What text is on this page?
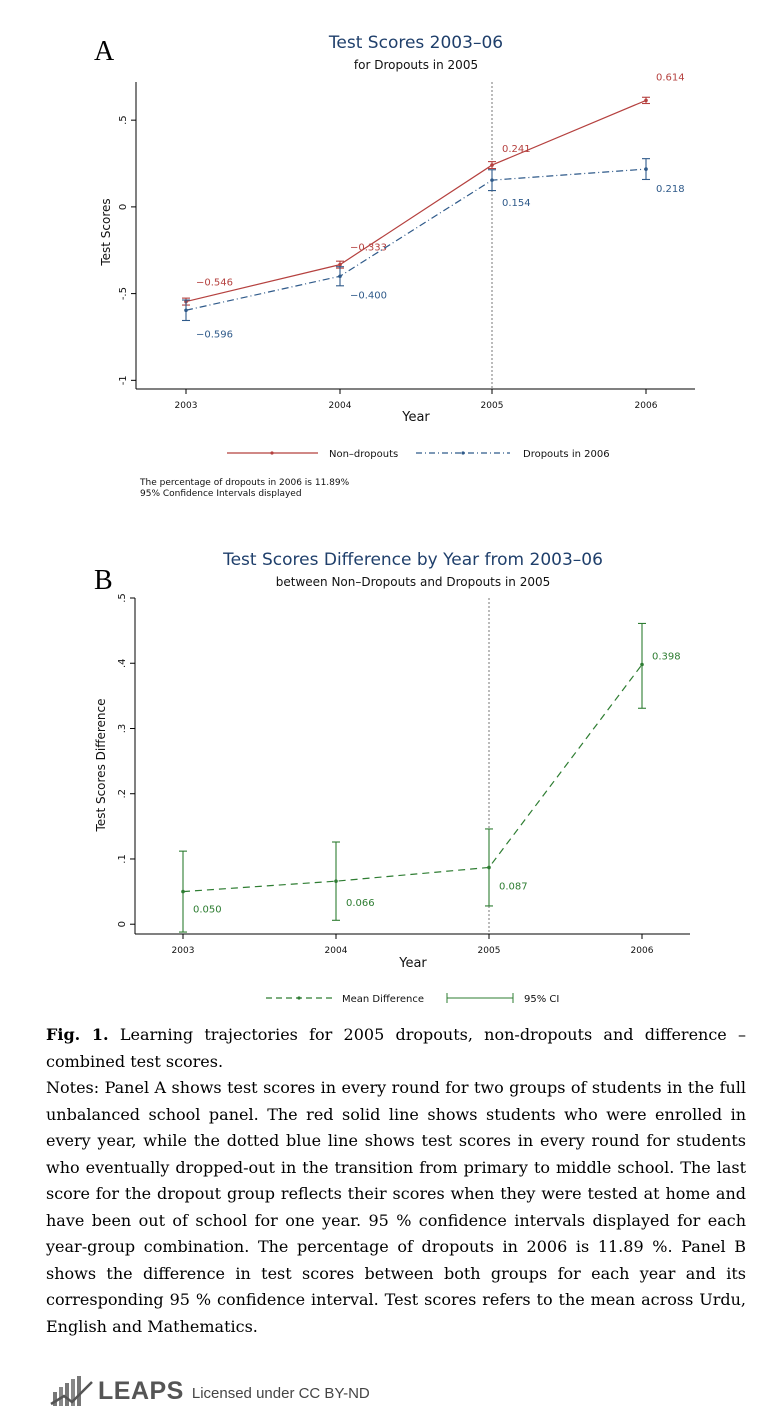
A	Test Scores 2003–06
for Dropouts in 2005
.5
0
-.5
-1
2003	2004	2005	2006
−0.546
−0.333
0.241
0.614
−0.596
−0.400
0.154
0.218
Year
Test Scores
Non–dropouts	Dropouts in 2006
The percentage of dropouts in 2006 is 11.89%
95% Confidence Intervals displayed
B
Test Scores Difference by Year from 2003–06
between Non–Dropouts and Dropouts in 2005
0
.1
.2
.3
.4
.5
2003	2004	2005	2006
0.050
0.066
0.087
0.398
Year
Test Scores Difference
Mean Difference	95% CI

Fig. 1. Learning trajectories for 2005 dropouts, non-dropouts and difference – combined test scores.

Notes: Panel A shows test scores in every round for two groups of students in the full unbalanced school panel. The red solid line shows students who were enrolled in every year, while the dotted blue line shows test scores in every round for students who eventually dropped-out in the transition from primary to middle school. The last score for the dropout group reflects their scores when they were tested at home and have been out of school for one year. 95 % confidence intervals displayed for each year-group combination. The percentage of dropouts in 2006 is 11.89 %. Panel B shows the difference in test scores between both groups for each year and its corresponding 95 % confidence interval. Test scores refers to the mean across Urdu, English and Mathematics.

LEAPS Licensed under CC BY-ND
